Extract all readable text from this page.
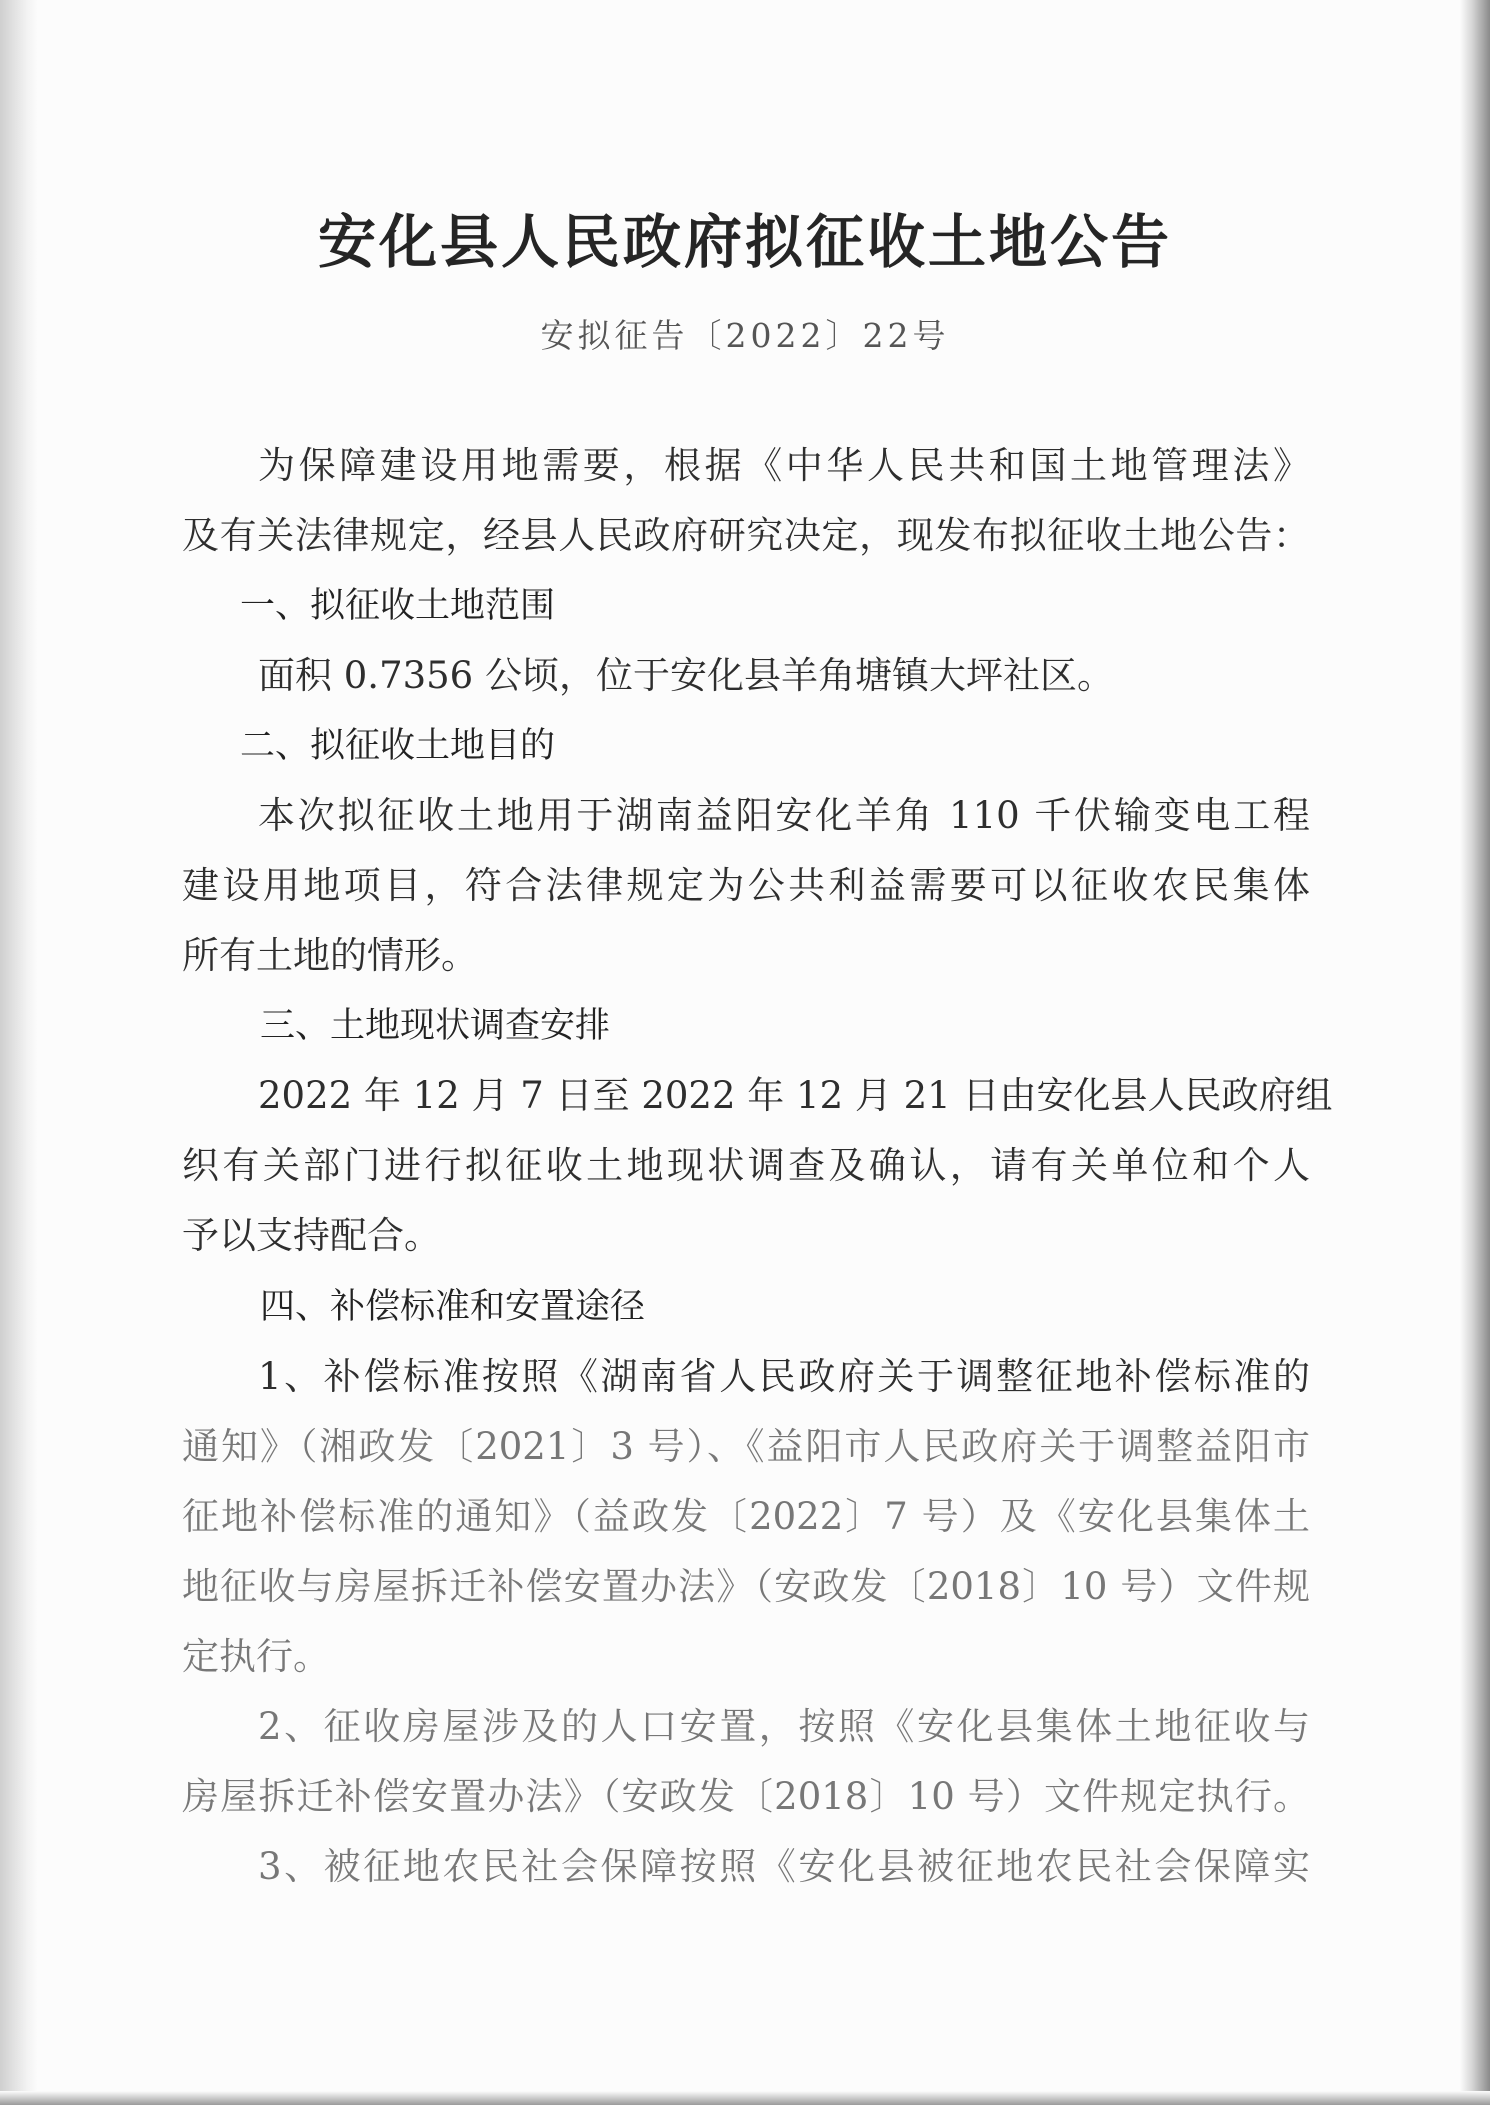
安化县人民政府拟征收土地公告
安拟征告〔2022〕22号
为保障建设用地需要，根据《中华人民共和国土地管理法》
及有关法律规定，经县人民政府研究决定，现发布拟征收土地公告：
一、拟征收土地范围
面积 0.7356 公顷，位于安化县羊角塘镇大坪社区。
二、拟征收土地目的
本次拟征收土地用于湖南益阳安化羊角 110 千伏输变电工程
建设用地项目，符合法律规定为公共利益需要可以征收农民集体
所有土地的情形。
三、土地现状调查安排
2022 年 12 月 7 日至 2022 年 12 月 21 日由安化县人民政府组
织有关部门进行拟征收土地现状调查及确认，请有关单位和个人
予以支持配合。
四、补偿标准和安置途径
1、补偿标准按照《湖南省人民政府关于调整征地补偿标准的
通知》（湘政发〔2021〕3 号）、《益阳市人民政府关于调整益阳市
征地补偿标准的通知》（益政发〔2022〕7 号）及《安化县集体土
地征收与房屋拆迁补偿安置办法》（安政发〔2018〕10 号）文件规
定执行。
2、征收房屋涉及的人口安置，按照《安化县集体土地征收与
房屋拆迁补偿安置办法》（安政发〔2018〕10 号）文件规定执行。
3、被征地农民社会保障按照《安化县被征地农民社会保障实
